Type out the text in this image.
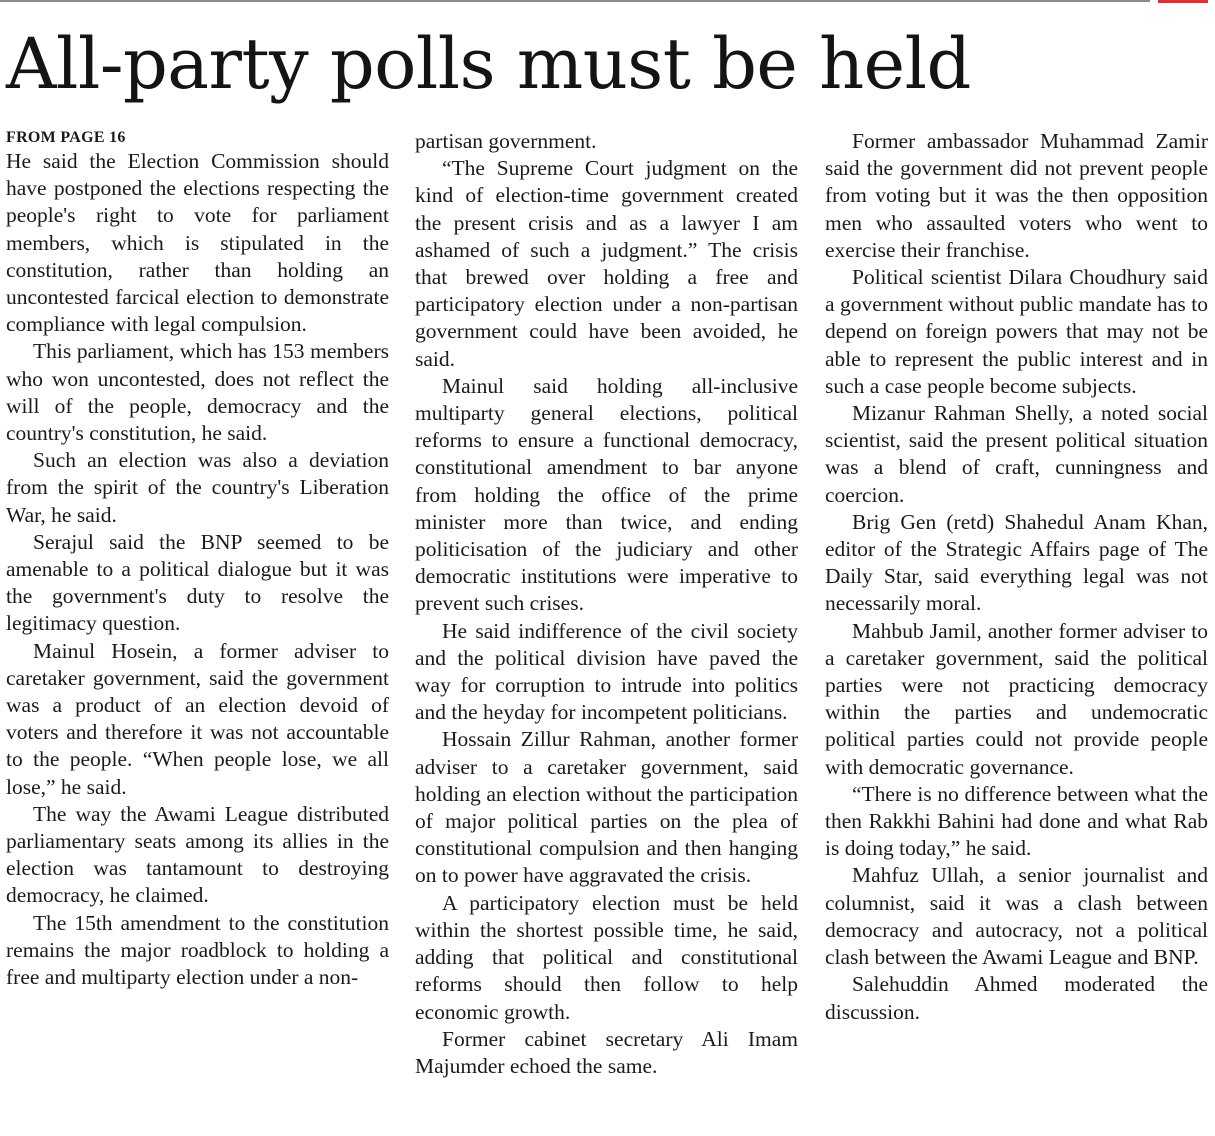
All-party polls must be held
FROM PAGE 16

He said the Election Commission should have postponed the elections respecting the people's right to vote for parliament members, which is stipulated in the constitution, rather than holding an uncontested farcical election to demonstrate compliance with legal compulsion.

This parliament, which has 153 members who won uncontested, does not reflect the will of the people, democracy and the country's constitution, he said.

Such an election was also a deviation from the spirit of the country's Liberation War, he said.

Serajul said the BNP seemed to be amenable to a political dialogue but it was the government's duty to resolve the legitimacy question.

Mainul Hosein, a former adviser to caretaker government, said the government was a product of an election devoid of voters and therefore it was not accountable to the people. “When people lose, we all lose,” he said.

The way the Awami League distributed parliamentary seats among its allies in the election was tantamount to destroying democracy, he claimed.

The 15th amendment to the constitution remains the major roadblock to holding a free and multiparty election under a non-

partisan government.

“The Supreme Court judgment on the kind of election-time government created the present crisis and as a lawyer I am ashamed of such a judgment.” The crisis that brewed over holding a free and participatory election under a non-partisan government could have been avoided, he said.

Mainul said holding all-inclusive multiparty general elections, political reforms to ensure a functional democracy, constitutional amendment to bar anyone from holding the office of the prime minister more than twice, and ending politicisation of the judiciary and other democratic institutions were imperative to prevent such crises.

He said indifference of the civil society and the political division have paved the way for corruption to intrude into politics and the heyday for incompetent politicians.

Hossain Zillur Rahman, another former adviser to a caretaker government, said holding an election without the participation of major political parties on the plea of constitutional compulsion and then hanging on to power have aggravated the crisis.

A participatory election must be held within the shortest possible time, he said, adding that political and constitutional reforms should then follow to help economic growth.

Former cabinet secretary Ali Imam Majumder echoed the same.

Former ambassador Muhammad Zamir said the government did not prevent people from voting but it was the then opposition men who assaulted voters who went to exercise their franchise.

Political scientist Dilara Choudhury said a government without public mandate has to depend on foreign powers that may not be able to represent the public interest and in such a case people become subjects.

Mizanur Rahman Shelly, a noted social scientist, said the present political situation was a blend of craft, cunningness and coercion.

Brig Gen (retd) Shahedul Anam Khan, editor of the Strategic Affairs page of The Daily Star, said everything legal was not necessarily moral.

Mahbub Jamil, another former adviser to a caretaker government, said the political parties were not practicing democracy within the parties and undemocratic political parties could not provide people with democratic governance.

“There is no difference between what the then Rakkhi Bahini had done and what Rab is doing today,” he said.

Mahfuz Ullah, a senior journalist and columnist, said it was a clash between democracy and autocracy, not a political clash between the Awami League and BNP.

Salehuddin Ahmed moderated the discussion.
